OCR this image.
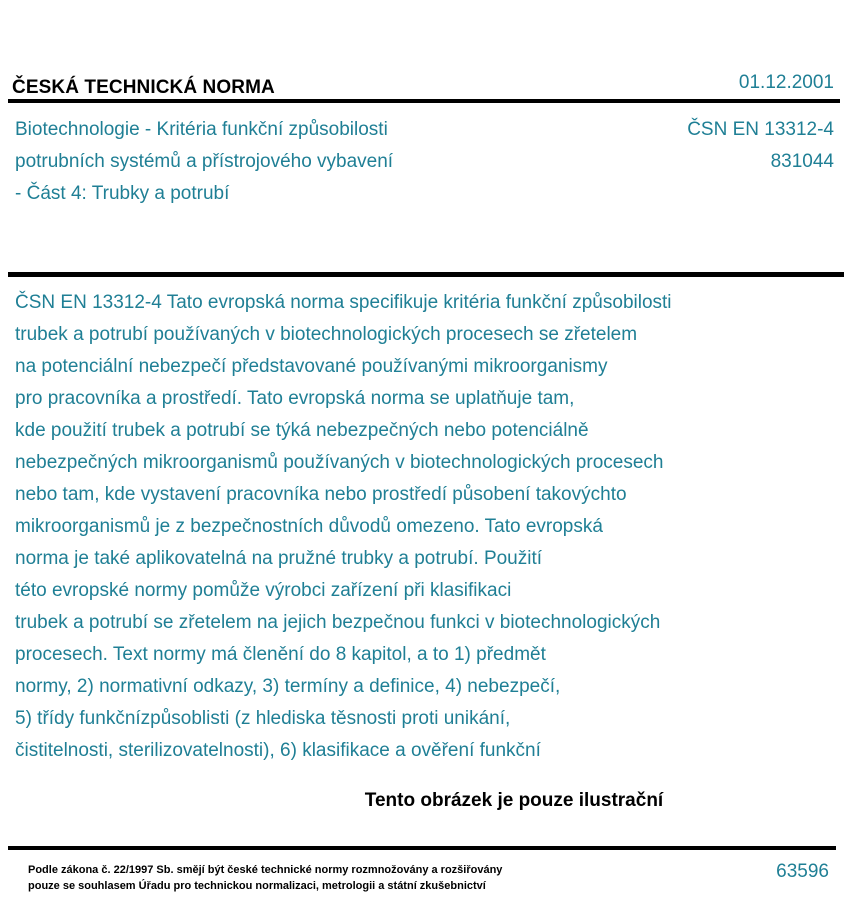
ČESKÁ TECHNICKÁ NORMA	01.12.2001
Biotechnologie - Kritéria funkční způsobilosti
potrubních systémů a přístrojového vybavení
- Část 4: Trubky a potrubí
ČSN EN 13312-4
831044
ČSN EN 13312-4 Tato evropská norma specifikuje kritéria funkční způsobilosti
trubek a potrubí používaných v biotechnologických procesech se zřetelem
na potenciální nebezpečí představované používanými mikroorganismy
pro pracovníka a prostředí. Tato evropská norma se uplatňuje tam,
kde použití trubek a potrubí se týká nebezpečných nebo potenciálně
nebezpečných mikroorganismů používaných v biotechnologických procesech
nebo tam, kde vystavení pracovníka nebo prostředí působení takovýchto
mikroorganismů je z bezpečnostních důvodů omezeno. Tato evropská
norma je také aplikovatelná na pružné trubky a potrubí. Použití
této evropské normy pomůže výrobci zařízení při klasifikaci
trubek a potrubí se zřetelem na jejich bezpečnou funkci v biotechnologických
procesech. Text normy má členění do 8 kapitol, a to 1) předmět
normy, 2) normativní odkazy, 3) termíny a definice, 4) nebezpečí,
5) třídy funkčnízpůsoblisti (z hlediska těsnosti proti unikání,
čistitelnosti, sterilizovatelnosti), 6) klasifikace a ověření funkční
Tento obrázek je pouze ilustrační
Podle zákona č. 22/1997 Sb. smějí být české technické normy rozmnožovány a rozšiřovány
pouze se souhlasem Úřadu pro technickou normalizaci, metrologii a státní zkušebnictví
63596
